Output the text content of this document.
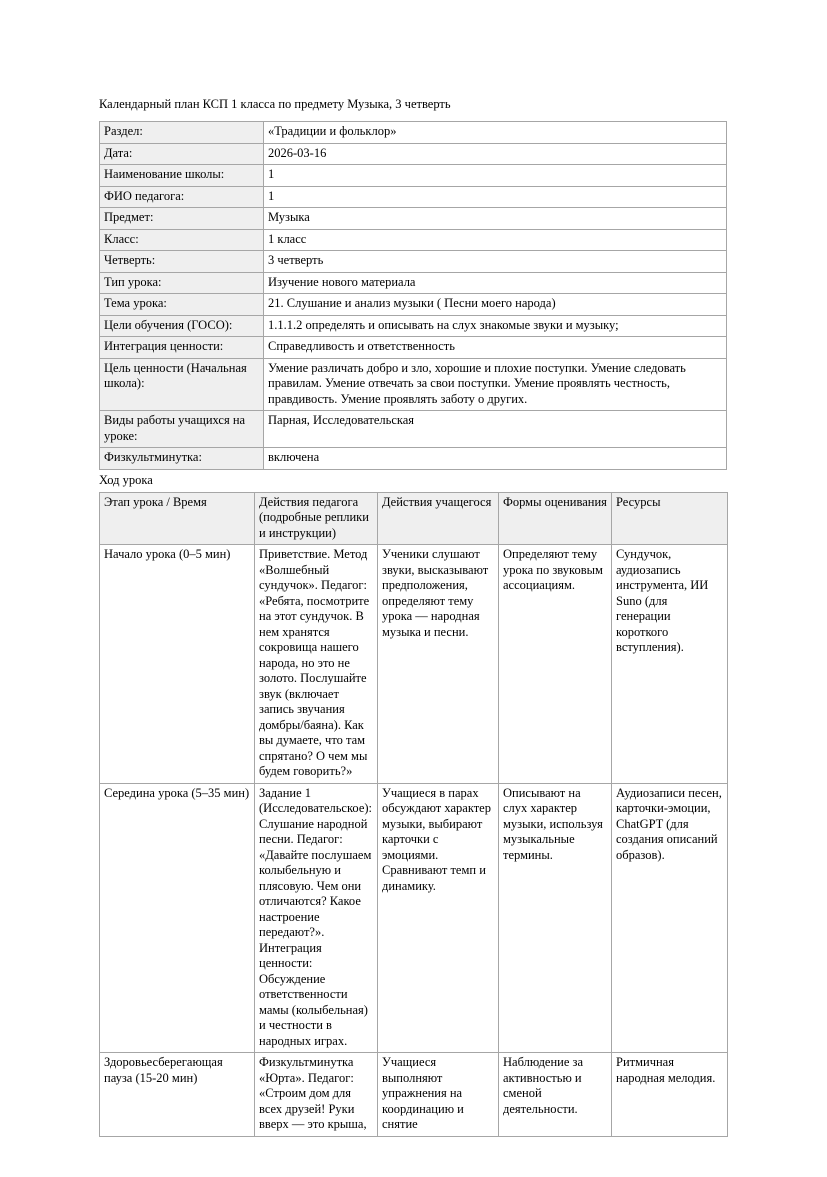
Календарный план КСП 1 класса по предмету Музыка, 3 четверть

Раздел:	«Традиции и фольклор»
Дата:	2026-03-16
Наименование школы:	1
ФИО педагога:	1
Предмет:	Музыка
Класс:	1 класс
Четверть:	3 четверть
Тип урока:	Изучение нового материала
Тема урока:	21. Слушание и анализ музыки ( Песни моего народа)
Цели обучения (ГОСО):	1.1.1.2 определять и описывать на слух знакомые звуки и музыку;
Интеграция ценности:	Справедливость и ответственность
Цель ценности (Начальная школа):	Умение различать добро и зло, хорошие и плохие поступки. Умение следовать правилам. Умение отвечать за свои поступки. Умение проявлять честность, правдивость. Умение проявлять заботу о других.
Виды работы учащихся на уроке:	Парная, Исследовательская
Физкультминутка:	включена

Ход урока

Этап урока / Время	Действия педагога (подробные реплики и инструкции)	Действия учащегося	Формы оценивания	Ресурсы
Начало урока (0–5 мин)	Приветствие. Метод «Волшебный сундучок». Педагог: «Ребята, посмотрите на этот сундучок. В нем хранятся сокровища нашего народа, но это не золото. Послушайте звук (включает запись звучания домбры/баяна). Как вы думаете, что там спрятано? О чем мы будем говорить?»	Ученики слушают звуки, высказывают предположения, определяют тему урока — народная музыка и песни.	Определяют тему урока по звуковым ассоциациям.	Сундучок, аудиозапись инструмента, ИИ Suno (для генерации короткого вступления).
Середина урока (5–35 мин)	Задание 1 (Исследовательское): Слушание народной песни. Педагог: «Давайте послушаем колыбельную и плясовую. Чем они отличаются? Какое настроение передают?». Интеграция ценности: Обсуждение ответственности мамы (колыбельная) и честности в народных играх.	Учащиеся в парах обсуждают характер музыки, выбирают карточки с эмоциями. Сравнивают темп и динамику.	Описывают на слух характер музыки, используя музыкальные термины.	Аудиозаписи песен, карточки-эмоции, ChatGPT (для создания описаний образов).
Здоровьесберегающая пауза (15-20 мин)	Физкультминутка «Юрта». Педагог: «Строим дом для всех друзей! Руки вверх — это крыша,	Учащиеся выполняют упражнения на координацию и снятие	Наблюдение за активностью и сменой деятельности.	Ритмичная народная мелодия.
